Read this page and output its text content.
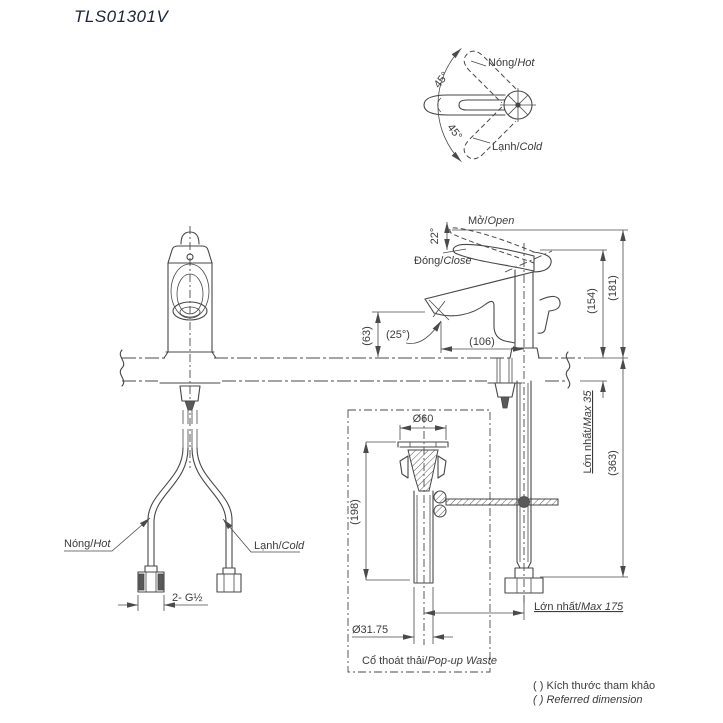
TLS01301V
45°
45°
Nóng/Hot
Lạnh/Cold
Nóng/Hot	Lạnh/Cold
2- G½
Mở/Open
Đóng/Close
22°
(25°)
(63)	(106)
(154)
(181)
Lớn nhất/Max 35
(363)
Lớn nhất/Max 175
Ø60
(198)
Ø31.75
Cổ thoát thải/Pop-up Waste
( ) Kích thước tham khảo
( ) Referred dimension
